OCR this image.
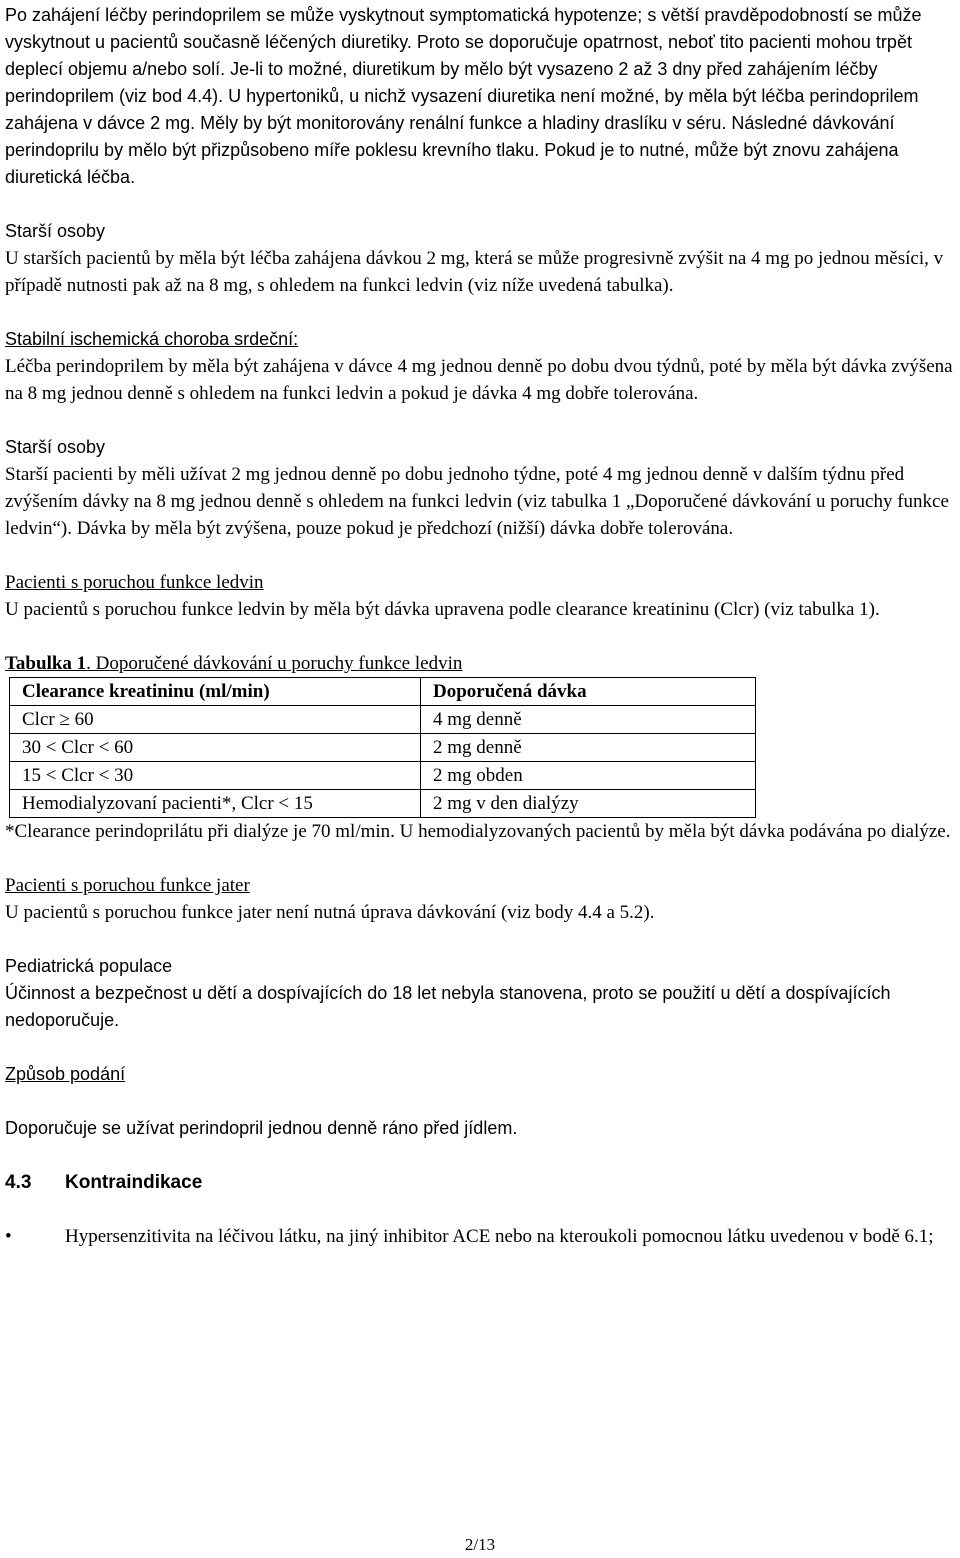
Po zahájení léčby perindoprilem se může vyskytnout symptomatická hypotenze; s větší pravděpodobností se může vyskytnout u pacientů současně léčených diuretiky. Proto se doporučuje opatrnost, neboť tito pacienti mohou trpět deplecí objemu a/nebo solí. Je-li to možné, diuretikum by mělo být vysazeno 2 až 3 dny před zahájením léčby perindoprilem (viz bod 4.4). U hypertoniků, u nichž vysazení diuretika není možné, by měla být léčba perindoprilem zahájena v dávce 2 mg. Měly by být monitorovány renální funkce a hladiny draslíku v séru. Následné dávkování perindoprilu by mělo být přizpůsobeno míře poklesu krevního tlaku. Pokud je to nutné, může být znovu zahájena diuretická léčba.

Starší osoby

U starších pacientů by měla být léčba zahájena dávkou 2 mg, která se může progresivně zvýšit na 4 mg po jednou měsíci, v případě nutnosti pak až na 8 mg, s ohledem na funkci ledvin (viz níže uvedená tabulka).

Stabilní ischemická choroba srdeční:

Léčba perindoprilem by měla být zahájena v dávce 4 mg jednou denně po dobu dvou týdnů, poté by měla být dávka zvýšena na 8 mg jednou denně s ohledem na funkci ledvin a pokud je dávka 4 mg dobře tolerována.

Starší osoby

Starší pacienti by měli užívat 2 mg jednou denně po dobu jednoho týdne, poté 4 mg jednou denně v dalším týdnu před zvýšením dávky na 8 mg jednou denně s ohledem na funkci ledvin (viz tabulka 1 „Doporučené dávkování u poruchy funkce ledvin“). Dávka by měla být zvýšena, pouze pokud je předchozí (nižší) dávka dobře tolerována.

Pacienti s poruchou funkce ledvin

U pacientů s poruchou funkce ledvin by měla být dávka upravena podle clearance kreatininu (Clcr) (viz tabulka 1).

Tabulka 1. Doporučené dávkování u poruchy funkce ledvin

Clearance kreatininu (ml/min)	Doporučená dávka
Clcr ≥ 60	4 mg denně
30 < Clcr < 60	2 mg denně
15 < Clcr < 30	2 mg obden
Hemodialyzovaní pacienti*, Clcr < 15	2 mg v den dialýzy

*Clearance perindoprilátu při dialýze je 70 ml/min. U hemodialyzovaných pacientů by měla být dávka podávána po dialýze.

Pacienti s poruchou funkce jater

U pacientů s poruchou funkce jater není nutná úprava dávkování (viz body 4.4 a 5.2).

Pediatrická populace

Účinnost a bezpečnost u dětí a dospívajících do 18 let nebyla stanovena, proto se použití u dětí a dospívajících nedoporučuje.

Způsob podání

Doporučuje se užívat perindopril jednou denně ráno před jídlem.

4.3 Kontraindikace

•	Hypersenzitivita na léčivou látku, na jiný inhibitor ACE nebo na kteroukoli pomocnou látku uvedenou v bodě 6.1;
2/13
